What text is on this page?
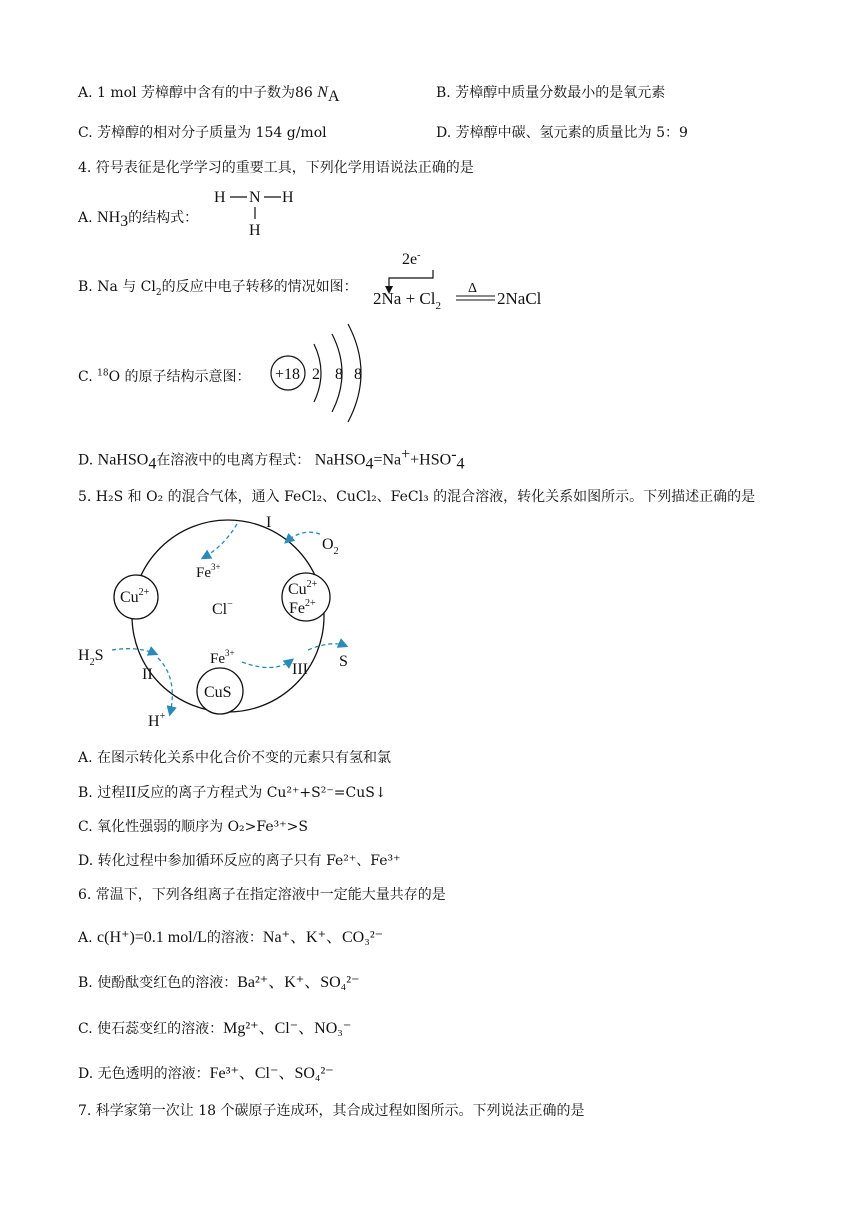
A. 1 mol 芳樟醇中含有的中子数为86 $N_A$	B. 芳樟醇中质量分数最小的是氧元素
C. 芳樟醇的相对分子质量为 154 g/mol	D. 芳樟醇中碳、氢元素的质量比为 5：9
4. 符号表征是化学学习的重要工具，下列化学用语说法正确的是
A. $NH_3$的结构式：
H N H
H
B. Na 与 $Cl_2$的反应中电子转移的情况如图：
2e-
$2Na + Cl_2$
Δ
2NaCl
C. $^{18}$O 的原子结构示意图： +18 2 8 8
D. NaHSO$_4$在溶液中的电离方程式： $NaHSO_4=Na^++HSO^-_4$
5. H₂S 和 O₂ 的混合气体，通入 FeCl₂、CuCl₂、FeCl₃ 的混合溶液，转化关系如图所示。下列描述正确的是
$Cu^{2+}$	$Cu^{2+}$
$Fe^{2+}$
CuS
Cl−
I
II	III
$Fe^{3+}$
$O_2$
$H_2S$	$Fe^{3+}$	S
H+
A. 在图示转化关系中化合价不变的元素只有氢和氯
B. 过程II反应的离子方程式为 Cu²⁺+S²⁻=CuS↓
C. 氧化性强弱的顺序为 O₂>Fe³⁺>S
D. 转化过程中参加循环反应的离子只有 Fe²⁺、Fe³⁺
6. 常温下，下列各组离子在指定溶液中一定能大量共存的是
A. c(H⁺)=0.1 mol/L的溶液：Na⁺、K⁺、CO₃²⁻
B. 使酚酞变红色的溶液：Ba²⁺、K⁺、SO₄²⁻
C. 使石蕊变红的溶液：Mg²⁺、Cl⁻、NO₃⁻
D. 无色透明的溶液：Fe³⁺、Cl⁻、SO₄²⁻
7. 科学家第一次让 18 个碳原子连成环，其合成过程如图所示。下列说法正确的是
